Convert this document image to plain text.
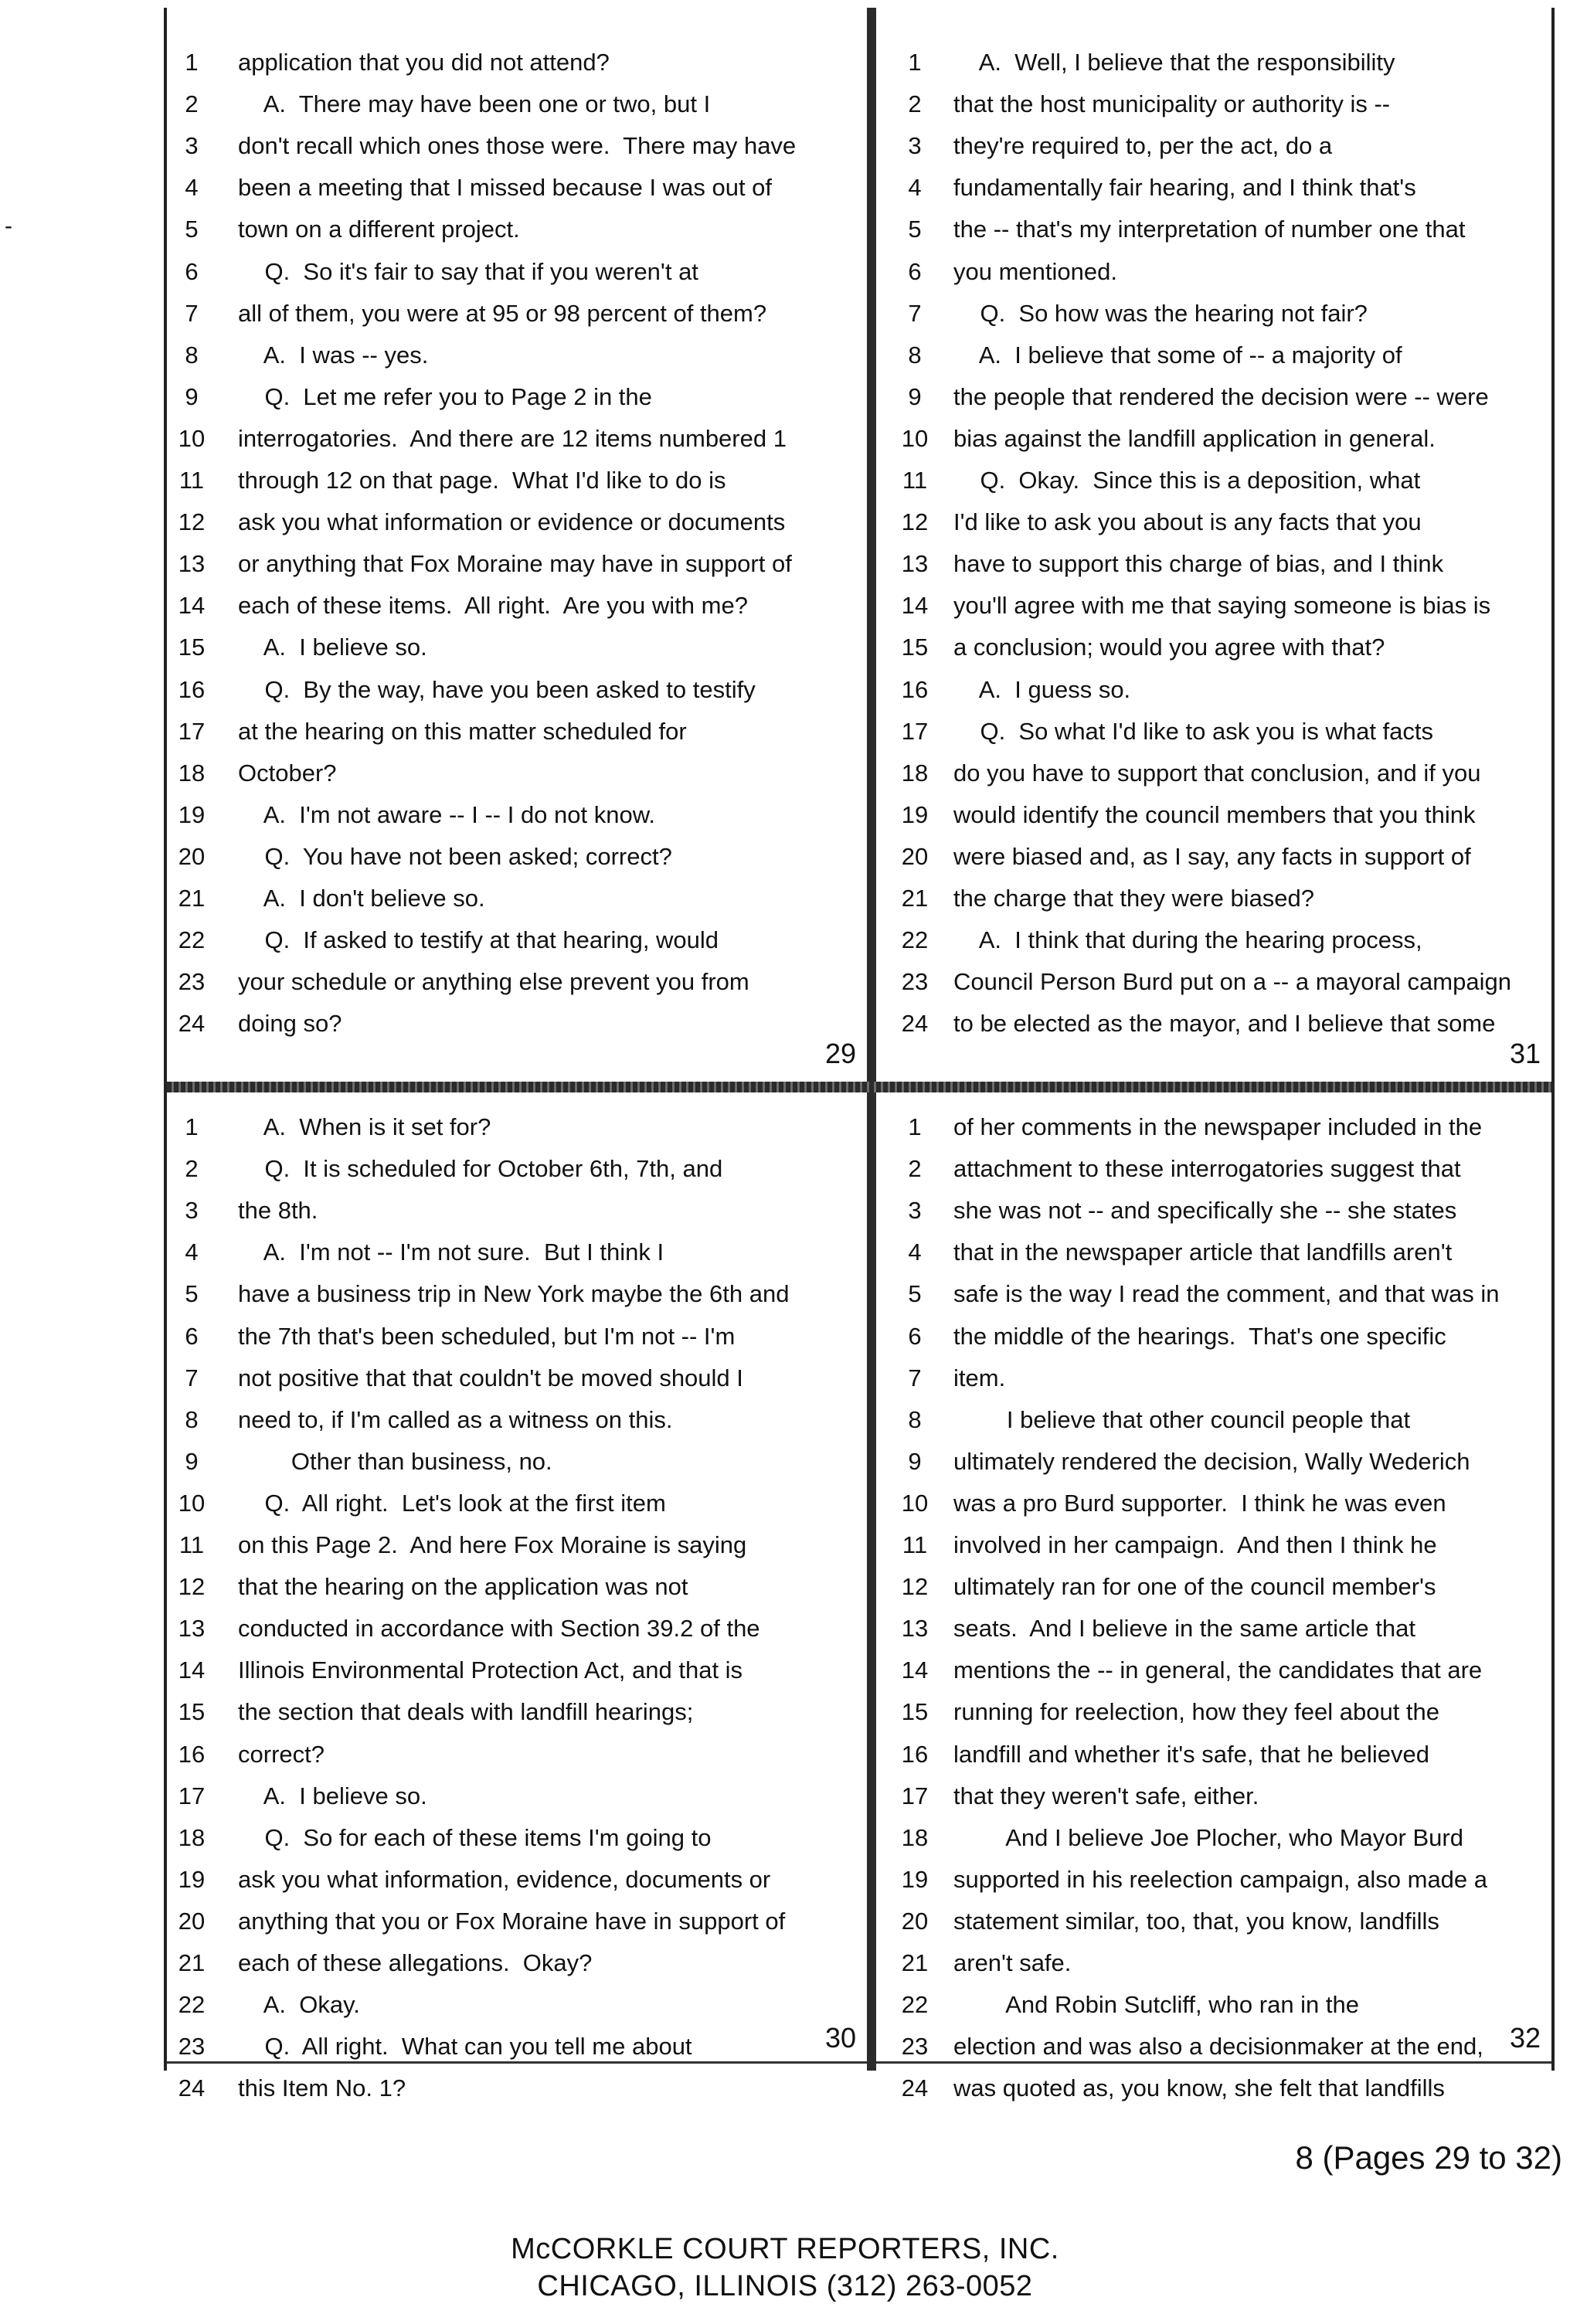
-
29
1	application that you did not attend?
2	A.  There may have been one or two, but I
3	don't recall which ones those were.  There may have
4	been a meeting that I missed because I was out of
5	town on a different project.
6	Q.  So it's fair to say that if you weren't at
7	all of them, you were at 95 or 98 percent of them?
8	A.  I was -- yes.
9	Q.  Let me refer you to Page 2 in the
10 interrogatories.  And there are 12 items numbered 1
11 through 12 on that page.  What I'd like to do is
12 ask you what information or evidence or documents
13 or anything that Fox Moraine may have in support of
14 each of these items.  All right.  Are you with me?
15 A.  I believe so.
16 Q.  By the way, have you been asked to testify
17 at the hearing on this matter scheduled for
18 October?
19 A.  I'm not aware -- I -- I do not know.
20 Q.  You have not been asked; correct?
21 A.  I don't believe so.
22 Q.  If asked to testify at that hearing, would
23 your schedule or anything else prevent you from
24 doing so?
31
1	A.  Well, I believe that the responsibility
2	that the host municipality or authority is --
3	they're required to, per the act, do a
4	fundamentally fair hearing, and I think that's
5	the -- that's my interpretation of number one that
6	you mentioned.
7	Q.  So how was the hearing not fair?
8	A.  I believe that some of -- a majority of
9	the people that rendered the decision were -- were
10 bias against the landfill application in general.
11 Q.  Okay.  Since this is a deposition, what
12 I'd like to ask you about is any facts that you
13 have to support this charge of bias, and I think
14 you'll agree with me that saying someone is bias is
15 a conclusion; would you agree with that?
16 A.  I guess so.
17 Q.  So what I'd like to ask you is what facts
18 do you have to support that conclusion, and if you
19 would identify the council members that you think
20 were biased and, as I say, any facts in support of
21 the charge that they were biased?
22 A.  I think that during the hearing process,
23 Council Person Burd put on a -- a mayoral campaign
24 to be elected as the mayor, and I believe that some
30
1	A.  When is it set for?
2	Q.  It is scheduled for October 6th, 7th, and
3	the 8th.
4	A.  I'm not -- I'm not sure.  But I think I
5	have a business trip in New York maybe the 6th and
6	the 7th that's been scheduled, but I'm not -- I'm
7	not positive that that couldn't be moved should I
8	need to, if I'm called as a witness on this.
9	Other than business, no.
10 Q.  All right.  Let's look at the first item
11 on this Page 2.  And here Fox Moraine is saying
12 that the hearing on the application was not
13 conducted in accordance with Section 39.2 of the
14 Illinois Environmental Protection Act, and that is
15 the section that deals with landfill hearings;
16 correct?
17 A.  I believe so.
18 Q.  So for each of these items I'm going to
19 ask you what information, evidence, documents or
20 anything that you or Fox Moraine have in support of
21 each of these allegations.  Okay?
22 A.  Okay.
23 Q.  All right.  What can you tell me about
24 this Item No. 1?
32
1	of her comments in the newspaper included in the
2	attachment to these interrogatories suggest that
3	she was not -- and specifically she -- she states
4	that in the newspaper article that landfills aren't
5	safe is the way I read the comment, and that was in
6	the middle of the hearings.  That's one specific
7	item.
8	I believe that other council people that
9	ultimately rendered the decision, Wally Wederich
10 was a pro Burd supporter.  I think he was even
11 involved in her campaign.  And then I think he
12 ultimately ran for one of the council member's
13 seats.  And I believe in the same article that
14 mentions the -- in general, the candidates that are
15 running for reelection, how they feel about the
16 landfill and whether it's safe, that he believed
17 that they weren't safe, either.
18 And I believe Joe Plocher, who Mayor Burd
19 supported in his reelection campaign, also made a
20 statement similar, too, that, you know, landfills
21 aren't safe.
22 And Robin Sutcliff, who ran in the
23 election and was also a decisionmaker at the end,
24 was quoted as, you know, she felt that landfills
8 (Pages 29 to 32)
McCORKLE COURT REPORTERS, INC.
CHICAGO, ILLINOIS (312) 263-0052
